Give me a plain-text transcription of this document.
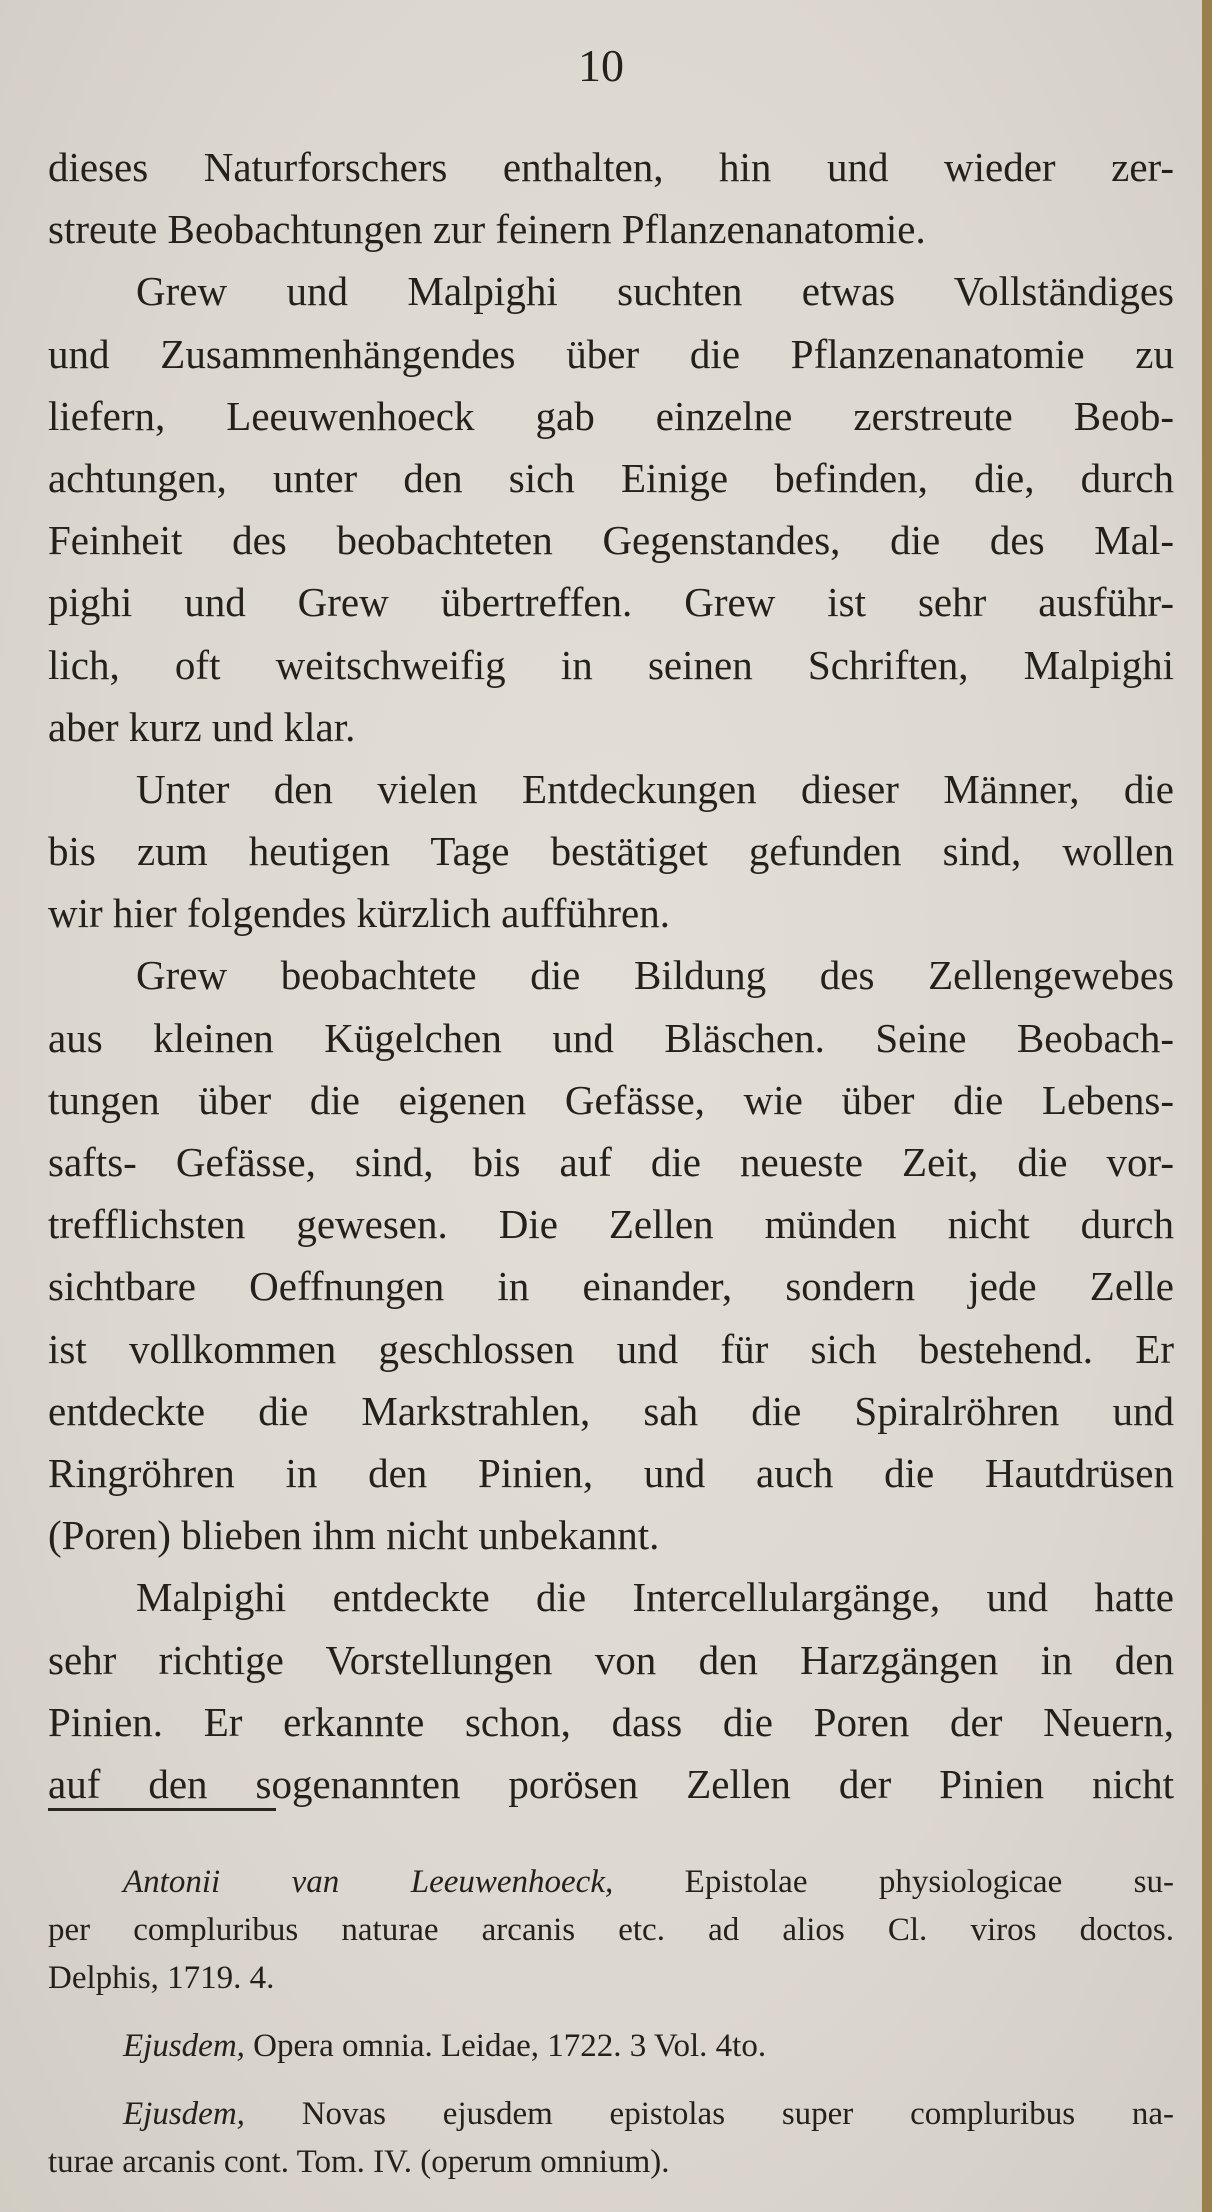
10
dieses Naturforschers enthalten, hin und wieder zer-
streute Beobachtungen zur feinern Pflanzenanatomie.
Grew und Malpighi suchten etwas Vollständiges
und Zusammenhängendes über die Pflanzenanatomie zu
liefern, Leeuwenhoeck gab einzelne zerstreute Beob-
achtungen, unter den sich Einige befinden, die, durch
Feinheit des beobachteten Gegenstandes, die des Mal-
pighi und Grew übertreffen. Grew ist sehr ausführ-
lich, oft weitschweifig in seinen Schriften, Malpighi
aber kurz und klar.
Unter den vielen Entdeckungen dieser Männer, die
bis zum heutigen Tage bestätiget gefunden sind, wollen
wir hier folgendes kürzlich aufführen.
Grew beobachtete die Bildung des Zellengewebes
aus kleinen Kügelchen und Bläschen. Seine Beobach-
tungen über die eigenen Gefässe, wie über die Lebens-
safts- Gefässe, sind, bis auf die neueste Zeit, die vor-
trefflichsten gewesen. Die Zellen münden nicht durch
sichtbare Oeffnungen in einander, sondern jede Zelle
ist vollkommen geschlossen und für sich bestehend. Er
entdeckte die Markstrahlen, sah die Spiralröhren und
Ringröhren in den Pinien, und auch die Hautdrüsen
(Poren) blieben ihm nicht unbekannt.
Malpighi entdeckte die Intercellulargänge, und hatte
sehr richtige Vorstellungen von den Harzgängen in den
Pinien. Er erkannte schon, dass die Poren der Neuern,
auf den sogenannten porösen Zellen der Pinien nicht
Antonii van Leeuwenhoeck, Epistolae physiologicae su-
per compluribus naturae arcanis etc. ad alios Cl. viros doctos.
Delphis, 1719. 4.
Ejusdem, Opera omnia. Leidae, 1722. 3 Vol. 4to.
Ejusdem, Novas ejusdem epistolas super compluribus na-
turae arcanis cont. Tom. IV. (operum omnium).
